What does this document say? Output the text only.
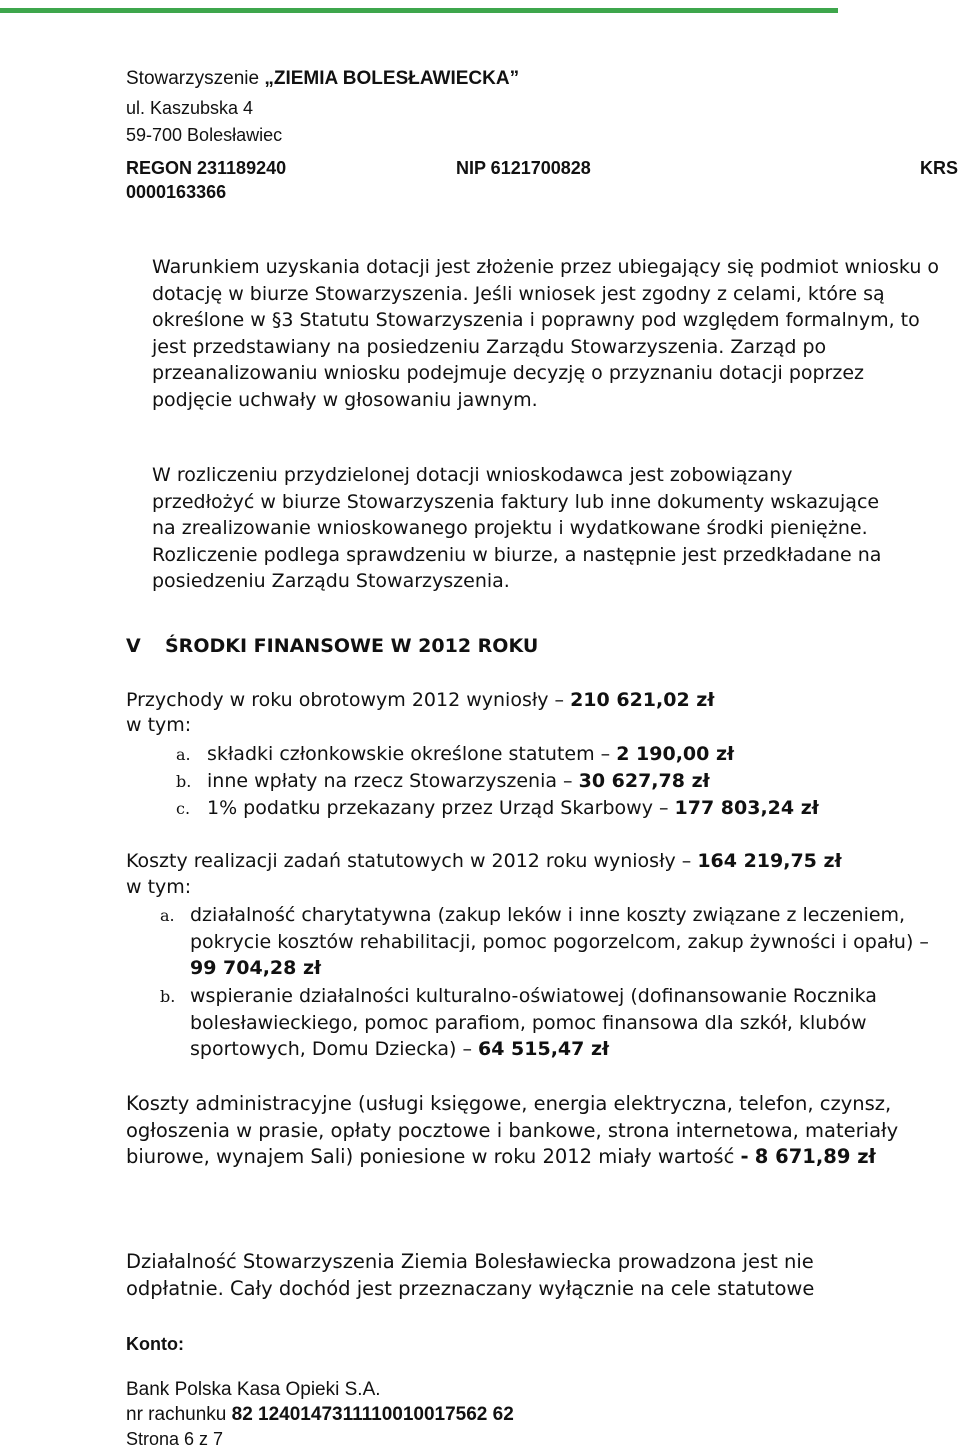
Stowarzyszenie „ZIEMIA BOLESŁAWIECKA”
ul. Kaszubska 4
59-700 Bolesławiec
REGON 231189240	NIP 6121700828	KRS
0000163366

Warunkiem uzyskania dotacji jest złożenie przez ubiegający się podmiot wniosku o dotację w biurze Stowarzyszenia. Jeśli wniosek jest zgodny z celami, które są określone w §3 Statutu Stowarzyszenia i poprawny pod względem formalnym, to jest przedstawiany na posiedzeniu Zarządu Stowarzyszenia. Zarząd po przeanalizowaniu wniosku podejmuje decyzję o przyznaniu dotacji poprzez podjęcie uchwały w głosowaniu jawnym.

W rozliczeniu przydzielonej dotacji wnioskodawca jest zobowiązany przedłożyć w biurze Stowarzyszenia faktury lub inne dokumenty wskazujące na zrealizowanie wnioskowanego projektu i wydatkowane środki pieniężne. Rozliczenie podlega sprawdzeniu w biurze, a następnie jest przedkładane na posiedzeniu Zarządu Stowarzyszenia.

V ŚRODKI FINANSOWE W 2012 ROKU
Przychody w roku obrotowym 2012 wyniosły – 210 621,02 zł
w tym:
a. składki członkowskie określone statutem – 2 190,00 zł
b. inne wpłaty na rzecz Stowarzyszenia – 30 627,78 zł
c. 1% podatku przekazany przez Urząd Skarbowy – 177 803,24 zł
Koszty realizacji zadań statutowych w 2012 roku wyniosły – 164 219,75 zł
w tym:
a. działalność charytatywna (zakup leków i inne koszty związane z leczeniem, pokrycie kosztów rehabilitacji, pomoc pogorzelcom, zakup żywności i opału) – 99 704,28 zł

b. wspieranie działalności kulturalno-oświatowej (dofinansowanie Rocznika bolesławieckiego, pomoc parafiom, pomoc finansowa dla szkół, klubów sportowych, Domu Dziecka) – 64 515,47 zł

Koszty administracyjne (usługi księgowe, energia elektryczna, telefon, czynsz, ogłoszenia w prasie, opłaty pocztowe i bankowe, strona internetowa, materiały biurowe, wynajem Sali) poniesione w roku 2012 miały wartość - 8 671,89 zł

Działalność Stowarzyszenia Ziemia Bolesławiecka prowadzona jest nie odpłatnie. Cały dochód jest przeznaczany wyłącznie na cele statutowe

Konto:
Bank Polska Kasa Opieki S.A.
nr rachunku 82 1240147311110010017562 62
Strona 6 z 7
